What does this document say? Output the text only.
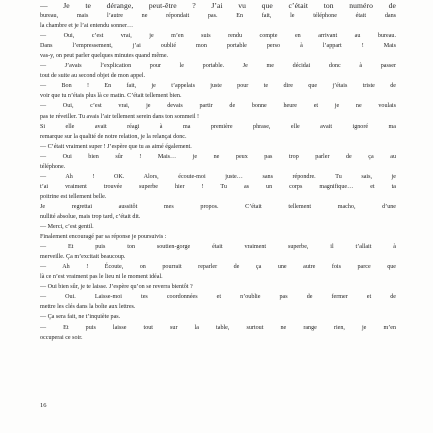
— Je te dérange, peut-être ? J’ai vu que c’était ton numéro de
bureau, mais l’autre ne répondait pas. En fait, le téléphone était dans
la chambre et je l’ai entendu sonner…
— Oui, c’est vrai, je m’en suis rendu compte en arrivant au bureau.
Dans l’empressement, j’ai oublié mon portable perso à l’appart ! Mais
vas-y, on peut parler quelques minutes quand même.
— J’avais l’explication pour le portable. Je me décidai donc à passer
tout de suite au second objet de mon appel.
— Bon ! En fait, je t’appelais juste pour te dire que j’étais triste de
voir que tu n’étais plus là ce matin. C’était tellement bien.
— Oui, c’est vrai, je devais partir de bonne heure et je ne voulais
pas te réveiller. Tu avais l’air tellement serein dans ton sommeil !
Si elle avait réagi à ma première phrase, elle avait ignoré ma
remarque sur la qualité de notre relation, je la relançai donc.
— C’était vraiment super ! J’espère que tu as aimé également.
— Oui bien sûr ! Mais… je ne peux pas trop parler de ça au
téléphone.
— Ah ! OK. Alors, écoute-moi juste… sans répondre. Tu sais, je
t’ai vraiment trouvée superbe hier ! Tu as un corps magnifique… et ta
poitrine est tellement belle.
Je regrettai aussitôt mes propos. C’était tellement macho, d’une
nullité absolue, mais trop tard, c’était dit.
— Merci, c’est gentil.
Finalement encouragé par sa réponse je poursuivis :
— Et puis ton soutien-gorge était vraiment superbe, il t’allait à
merveille. Ça m’excitait beaucoup.
— Ah ! Écoute, on pourrait reparler de ça une autre fois parce que
là ce n’est vraiment pas le lieu ni le moment idéal.
— Oui bien sûr, je te laisse. J’espère qu’on se reverra bientôt ?
— Oui. Laisse-moi tes coordonnées et n’oublie pas de fermer et de
mettre les clés dans la boîte aux lettres.
— Ça sera fait, ne t’inquiète pas.
— Et puis laisse tout sur la table, surtout ne range rien, je m’en
occuperai ce soir.
16
